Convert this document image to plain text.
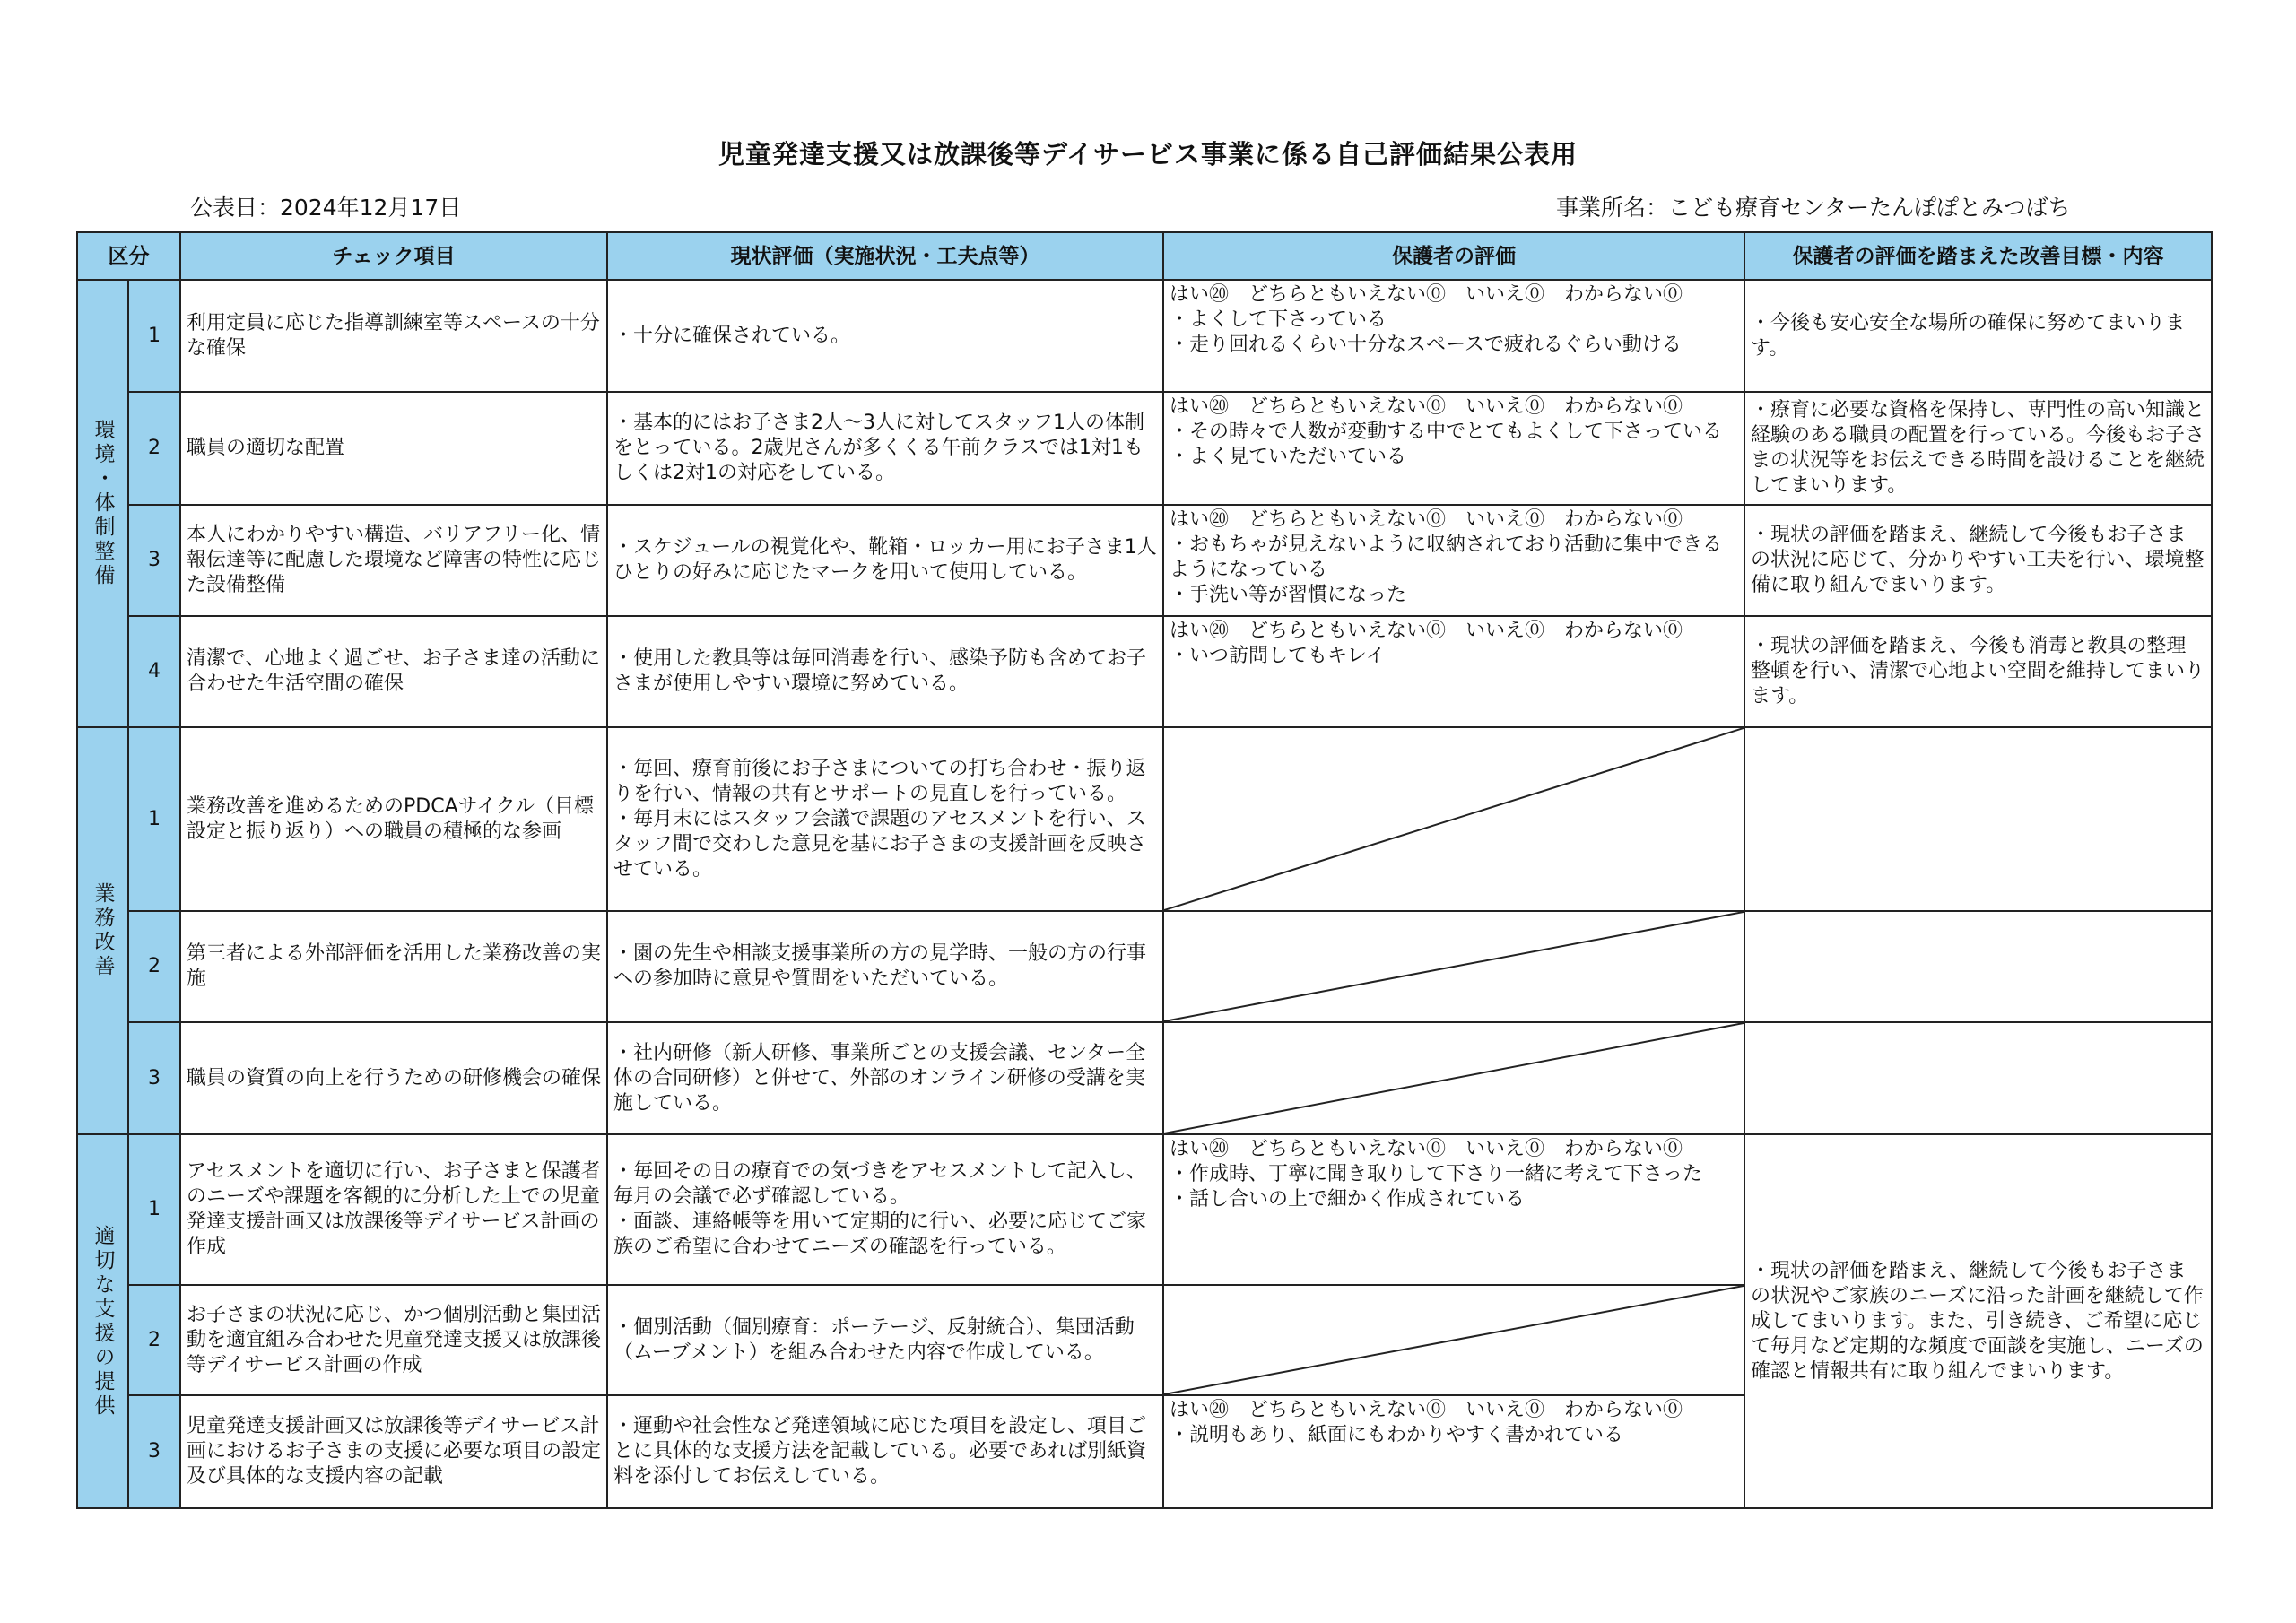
児童発達支援又は放課後等デイサービス事業に係る自己評価結果公表用
公表日：2024年12月17日	事業所名：こども療育センターたんぽぽとみつばち
区分		チェック項目	現状評価（実施状況・工夫点等）	保護者の評価	保護者の評価を踏まえた改善目標・内容

環境・体制整備	1	利用定員に応じた指導訓練室等スペースの十分な確保	・十分に確保されている。	はい⑳　どちらともいえない⓪　いいえ⓪　わからない⓪
・よくして下さっている
・走り回れるくらい十分なスペースで疲れるぐらい動ける	・今後も安心安全な場所の確保に努めてまいります。
	2	職員の適切な配置	・基本的にはお子さま2人～3人に対してスタッフ1人の体制をとっている。2歳児さんが多くくる午前クラスでは1対1もしくは2対1の対応をしている。	はい⑳　どちらともいえない⓪　いいえ⓪　わからない⓪
・その時々で人数が変動する中でとてもよくして下さっている
・よく見ていただいている	・療育に必要な資格を保持し、専門性の高い知識と経験のある職員の配置を行っている。今後もお子さまの状況等をお伝えできる時間を設けることを継続してまいります。
	3	本人にわかりやすい構造、バリアフリー化、情報伝達等に配慮した環境など障害の特性に応じた設備整備	・スケジュールの視覚化や、靴箱・ロッカー用にお子さま1人ひとりの好みに応じたマークを用いて使用している。	はい⑳　どちらともいえない⓪　いいえ⓪　わからない⓪
・おもちゃが見えないように収納されており活動に集中できるようになっている
・手洗い等が習慣になった	・現状の評価を踏まえ、継続して今後もお子さまの状況に応じて、分かりやすい工夫を行い、環境整備に取り組んでまいります。
	4	清潔で、心地よく過ごせ、お子さま達の活動に合わせた生活空間の確保	・使用した教具等は毎回消毒を行い、感染予防も含めてお子さまが使用しやすい環境に努めている。	はい⑳　どちらともいえない⓪　いいえ⓪　わからない⓪
・いつ訪問してもキレイ	・現状の評価を踏まえ、今後も消毒と教具の整理整頓を行い、清潔で心地よい空間を維持してまいります。

業務改善	1	業務改善を進めるためのPDCAサイクル（目標設定と振り返り）への職員の積極的な参画	・毎回、療育前後にお子さまについての打ち合わせ・振り返りを行い、情報の共有とサポートの見直しを行っている。
・毎月末にはスタッフ会議で課題のアセスメントを行い、スタッフ間で交わした意見を基にお子さまの支援計画を反映させている。	

	2	第三者による外部評価を活用した業務改善の実施	・園の先生や相談支援事業所の方の見学時、一般の方の行事への参加時に意見や質問をいただいている。	

	3	職員の資質の向上を行うための研修機会の確保	・社内研修（新人研修、事業所ごとの支援会議、センター全体の合同研修）と併せて、外部のオンライン研修の受講を実施している。	

適切な支援の提供	1	アセスメントを適切に行い、お子さまと保護者のニーズや課題を客観的に分析した上での児童発達支援計画又は放課後等デイサービス計画の作成	・毎回その日の療育での気づきをアセスメントして記入し、毎月の会議で必ず確認している。
・面談、連絡帳等を用いて定期的に行い、必要に応じてご家族のご希望に合わせてニーズの確認を行っている。	はい⑳　どちらともいえない⓪　いいえ⓪　わからない⓪
・作成時、丁寧に聞き取りして下さり一緒に考えて下さった
・話し合いの上で細かく作成されている	・現状の評価を踏まえ、継続して今後もお子さまの状況やご家族のニーズに沿った計画を継続して作成してまいります。また、引き続き、ご希望に応じて毎月など定期的な頻度で面談を実施し、ニーズの確認と情報共有に取り組んでまいります。
	2	お子さまの状況に応じ、かつ個別活動と集団活動を適宜組み合わせた児童発達支援又は放課後等デイサービス計画の作成	・個別活動（個別療育：ポーテージ、反射統合）、集団活動（ムーブメント）を組み合わせた内容で作成している。	

	3	児童発達支援計画又は放課後等デイサービス計画におけるお子さまの支援に必要な項目の設定及び具体的な支援内容の記載	・運動や社会性など発達領域に応じた項目を設定し、項目ごとに具体的な支援方法を記載している。必要であれば別紙資料を添付してお伝えしている。	はい⑳　どちらともいえない⓪　いいえ⓪　わからない⓪
・説明もあり、紙面にもわかりやすく書かれている	
